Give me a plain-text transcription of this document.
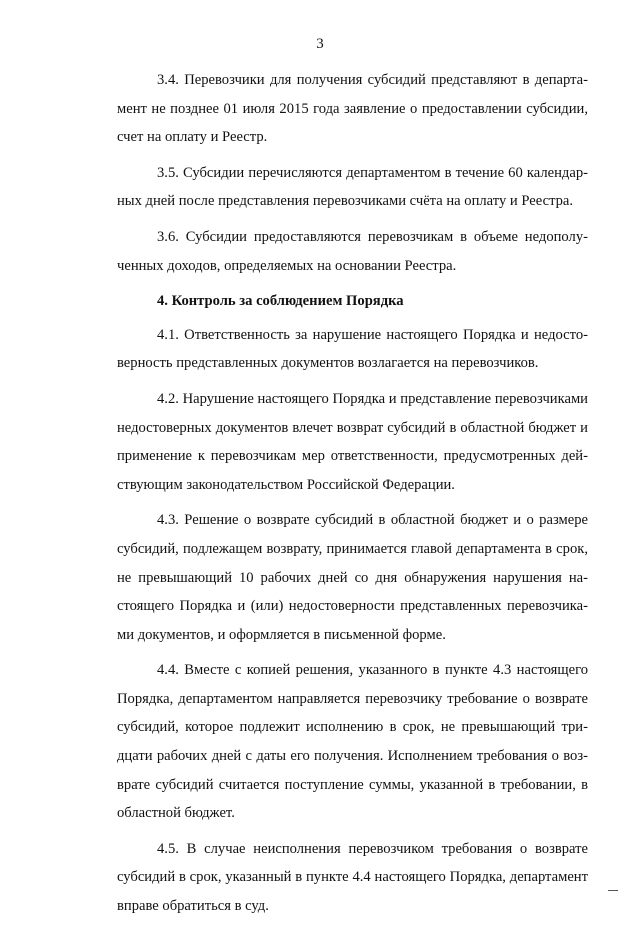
3

3.4. Перевозчики для получения субсидий представляют в департамент не позднее 01 июля 2015 года заявление о предоставлении субсидии, счет на оплату и Реестр.

3.5. Субсидии перечисляются департаментом в течение 60 календарных дней после представления перевозчиками счёта на оплату и Реестра.

3.6. Субсидии предоставляются перевозчикам в объеме недополученных доходов, определяемых на основании Реестра.

4. Контроль за соблюдением Порядка

4.1. Ответственность за нарушение настоящего Порядка и недостоверность представленных документов возлагается на перевозчиков.

4.2. Нарушение настоящего Порядка и представление перевозчиками недостоверных документов влечет возврат субсидий в областной бюджет и применение к перевозчикам мер ответственности, предусмотренных действующим законодательством Российской Федерации.

4.3. Решение о возврате субсидий в областной бюджет и о размере субсидий, подлежащем возврату, принимается главой департамента в срок, не превышающий 10 рабочих дней со дня обнаружения нарушения настоящего Порядка и (или) недостоверности представленных перевозчиками документов, и оформляется в письменной форме.

4.4. Вместе с копией решения, указанного в пункте 4.3 настоящего Порядка, департаментом направляется перевозчику требование о возврате субсидий, которое подлежит исполнению в срок, не превышающий тридцати рабочих дней с даты его получения. Исполнением требования о возврате субсидий считается поступление суммы, указанной в требовании, в областной бюджет.

4.5. В случае неисполнения перевозчиком требования о возврате субсидий в срок, указанный в пункте 4.4 настоящего Порядка, департамент вправе обратиться в суд.
